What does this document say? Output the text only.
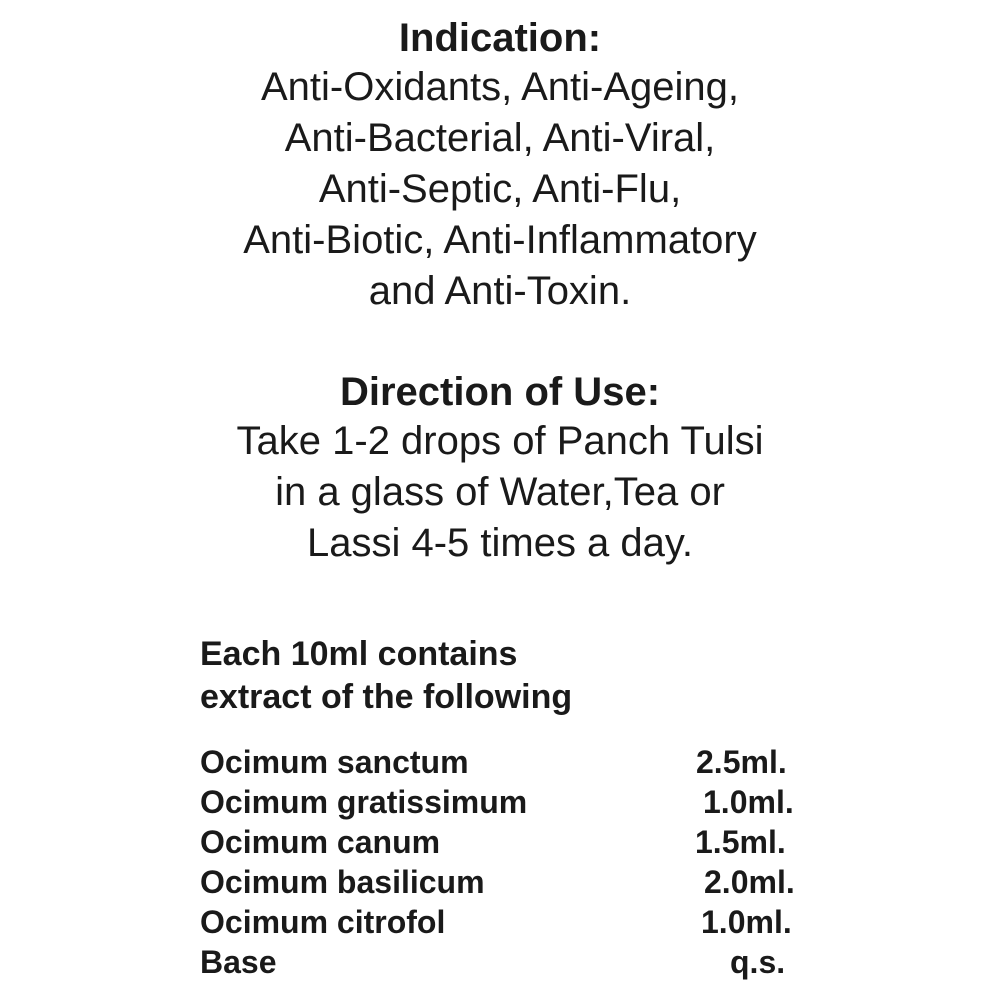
Indication:
Anti-Oxidants, Anti-Ageing,
Anti-Bacterial, Anti-Viral,
Anti-Septic, Anti-Flu,
Anti-Biotic, Anti-Inflammatory
and Anti-Toxin.
Direction of Use:
Take 1-2 drops of Panch Tulsi
in a glass of Water,Tea or
Lassi 4-5 times a day.
Each 10ml contains
extract of the following
Ocimum sanctum	2.5ml.
Ocimum gratissimum	1.0ml.
Ocimum canum	1.5ml.
Ocimum basilicum	2.0ml.
Ocimum citrofol	1.0ml.
Base	q.s.
